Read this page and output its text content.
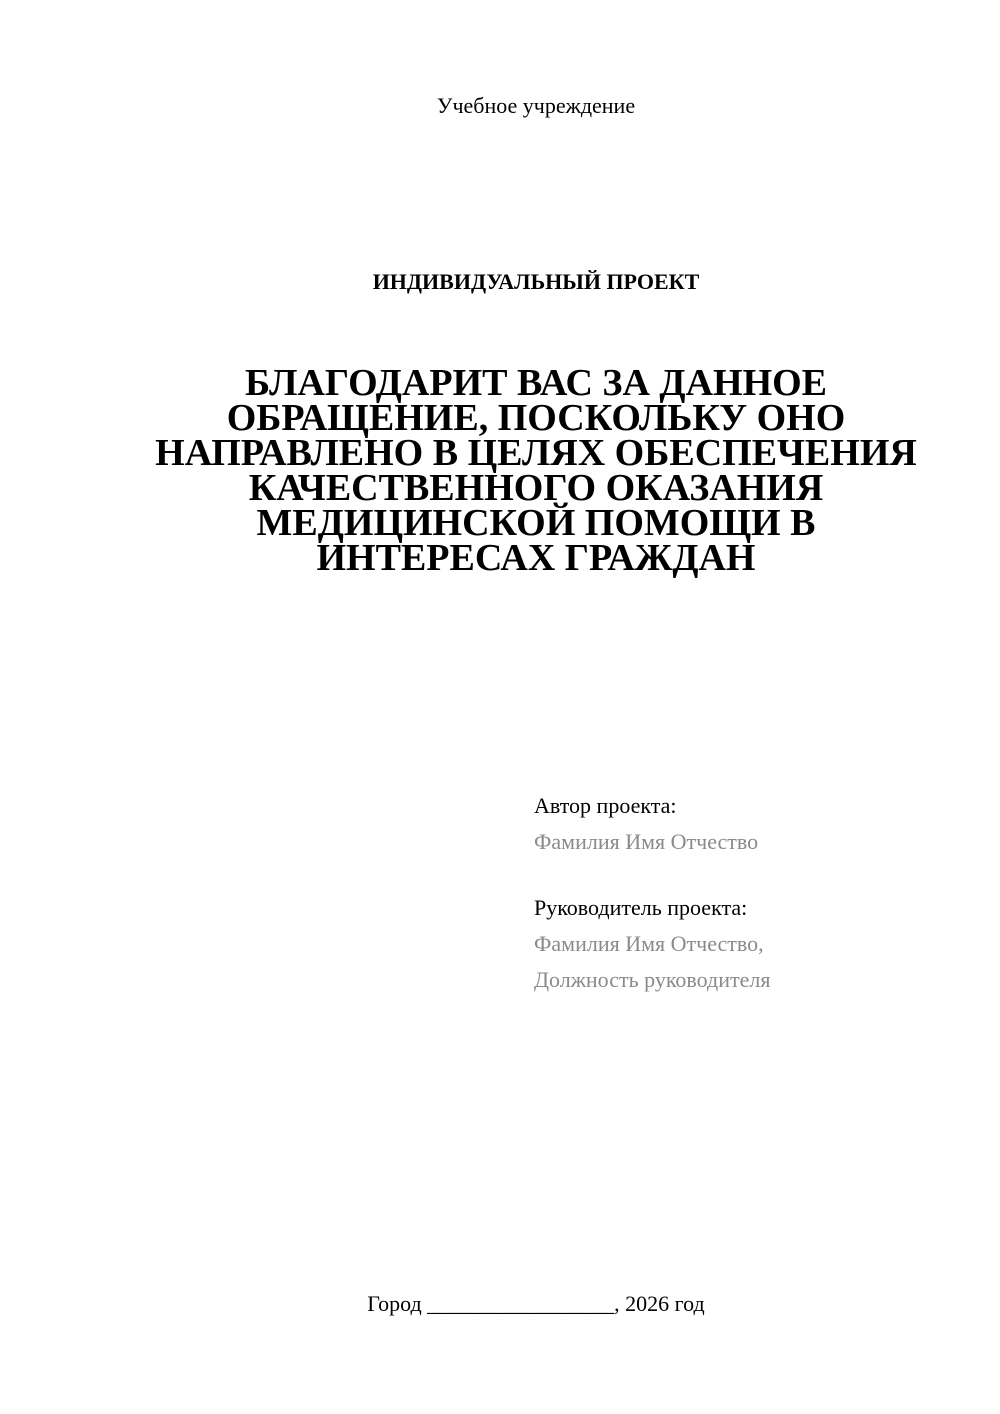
Учебное учреждение
ИНДИВИДУАЛЬНЫЙ ПРОЕКТ
БЛАГОДАРИТ ВАС ЗА ДАННОЕ
ОБРАЩЕНИЕ, ПОСКОЛЬКУ ОНО
НАПРАВЛЕНО В ЦЕЛЯХ ОБЕСПЕЧЕНИЯ
КАЧЕСТВЕННОГО ОКАЗАНИЯ
МЕДИЦИНСКОЙ ПОМОЩИ В
ИНТЕРЕСАХ ГРАЖДАН
Автор проекта:
Фамилия Имя Отчество
Руководитель проекта:
Фамилия Имя Отчество,
Должность руководителя
Город _________________, 2026 год
